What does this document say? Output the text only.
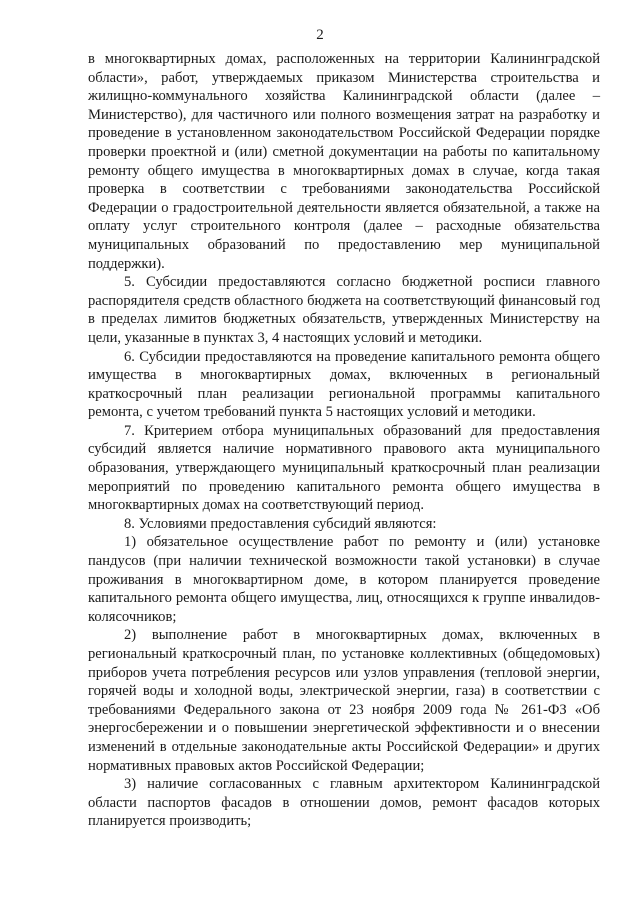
2

в многоквартирных домах, расположенных на территории Калининградской области», работ, утверждаемых приказом Министерства строительства и жилищно-коммунального хозяйства Калининградской области (далее – Министерство), для частичного или полного возмещения затрат на разработку и проведение в установленном законодательством Российской Федерации порядке проверки проектной и (или) сметной документации на работы по капитальному ремонту общего имущества в многоквартирных домах в случае, когда такая проверка в соответствии с требованиями законодательства Российской Федерации о градостроительной деятельности является обязательной, а также на оплату услуг строительного контроля (далее – расходные обязательства муниципальных образований по предоставлению мер муниципальной поддержки).

5. Субсидии предоставляются согласно бюджетной росписи главного распорядителя средств областного бюджета на соответствующий финансовый год в пределах лимитов бюджетных обязательств, утвержденных Министерству на цели, указанные в пунктах 3, 4 настоящих условий и методики.

6. Субсидии предоставляются на проведение капитального ремонта общего имущества в многоквартирных домах, включенных в региональный краткосрочный план реализации региональной программы капитального ремонта, с учетом требований пункта 5 настоящих условий и методики.

7. Критерием отбора муниципальных образований для предоставления субсидий является наличие нормативного правового акта муниципального образования, утверждающего муниципальный краткосрочный план реализации мероприятий по проведению капитального ремонта общего имущества в многоквартирных домах на соответствующий период.

8. Условиями предоставления субсидий являются:

1) обязательное осуществление работ по ремонту и (или) установке пандусов (при наличии технической возможности такой установки) в случае проживания в многоквартирном доме, в котором планируется проведение капитального ремонта общего имущества, лиц, относящихся к группе инвалидов-колясочников;

2) выполнение работ в многоквартирных домах, включенных в региональный краткосрочный план, по установке коллективных (общедомовых) приборов учета потребления ресурсов или узлов управления (тепловой энергии, горячей воды и холодной воды, электрической энергии, газа) в соответствии с требованиями Федерального закона от 23 ноября 2009 года № 261-ФЗ «Об энергосбережении и о повышении энергетической эффективности и о внесении изменений в отдельные законодательные акты Российской Федерации» и других нормативных правовых актов Российской Федерации;

3) наличие согласованных с главным архитектором Калининградской области паспортов фасадов в отношении домов, ремонт фасадов которых планируется производить;
